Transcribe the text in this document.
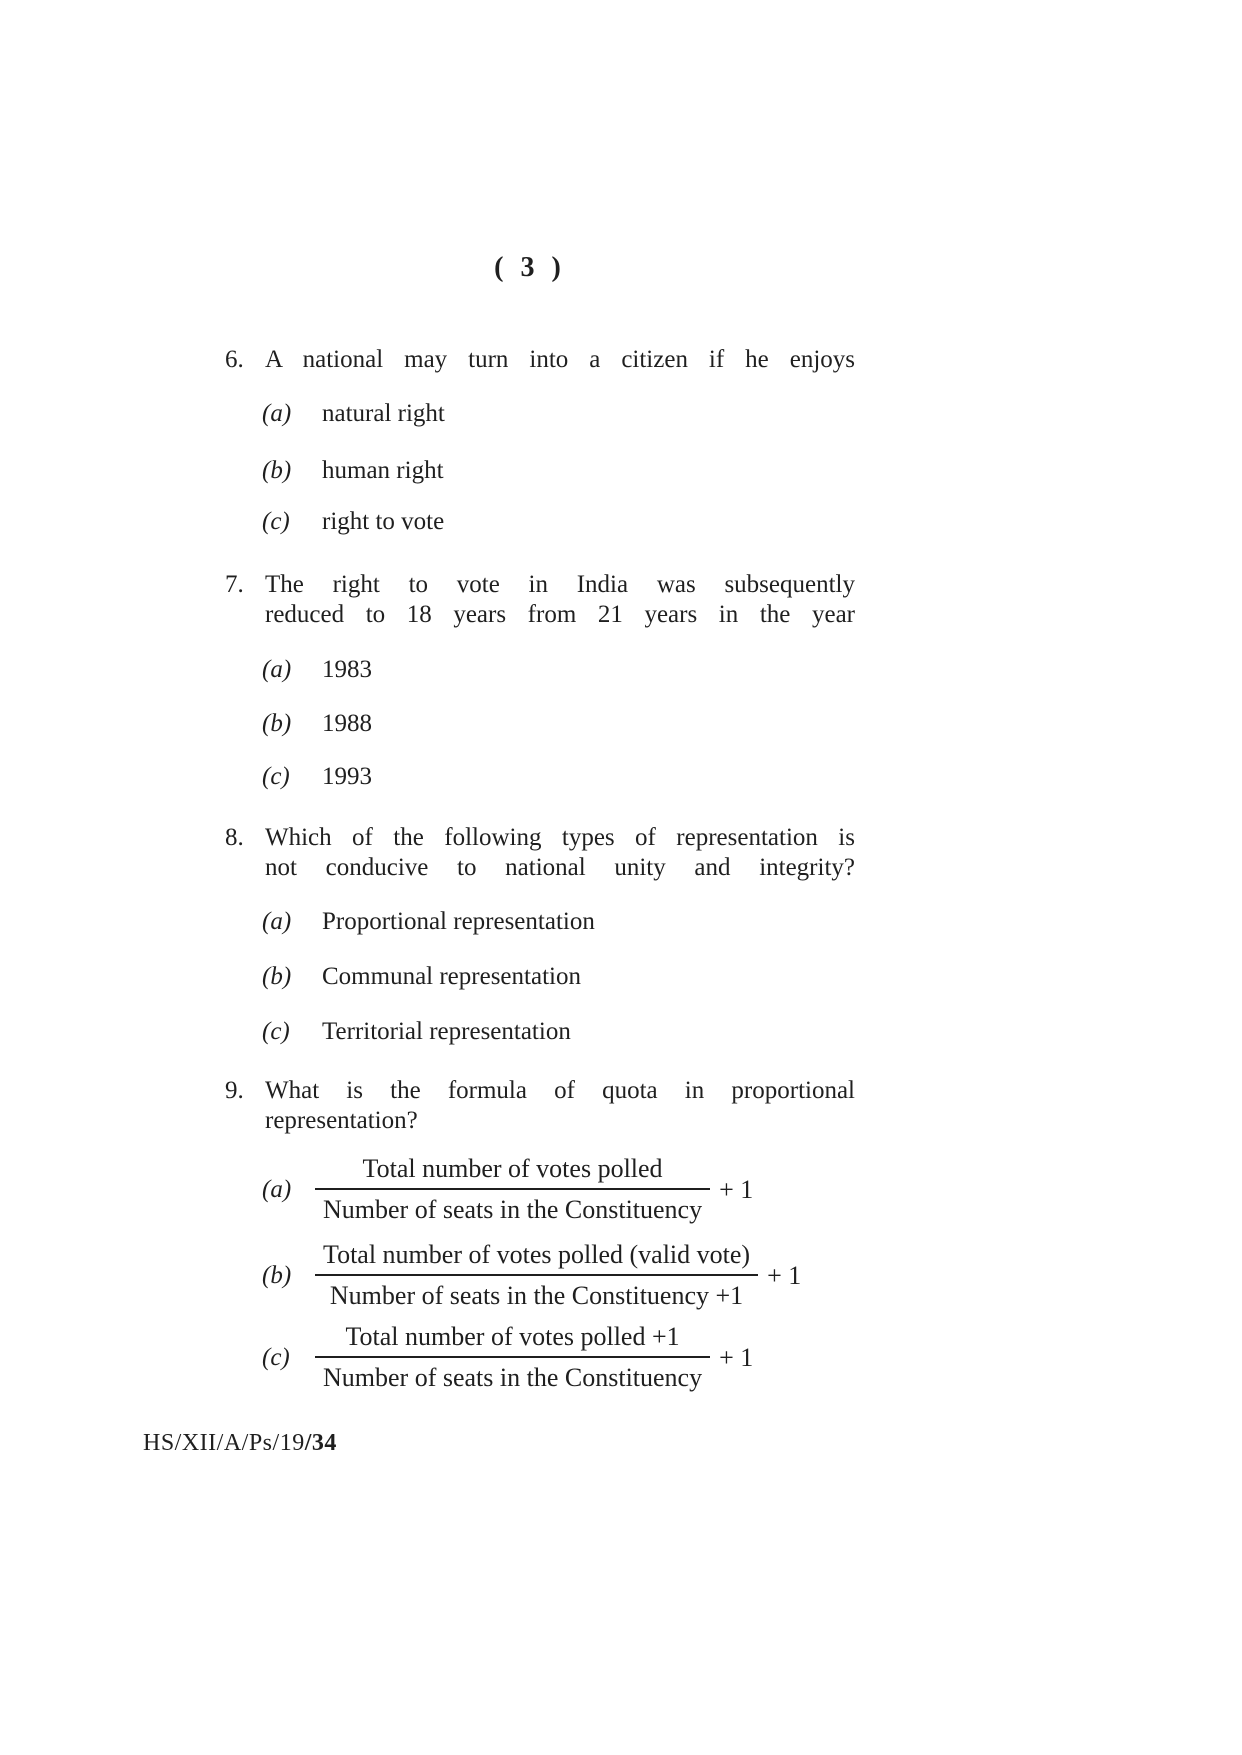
( 3 )
6. A national may turn into a citizen if he enjoys
(a) natural right
(b) human right
(c) right to vote
7. The right to vote in India was subsequently
reduced to 18 years from 21 years in the year
(a) 1983
(b) 1988
(c) 1993
8. Which of the following types of representation is
not conducive to national unity and integrity?
(a) Proportional representation
(b) Communal representation
(c) Territorial representation
9. What is the formula of quota in proportional
representation?
$(a) \frac{\text{Total number of votes polled}}{\text{Number of seats in the Constituency}} + 1$
$(b) \frac{\text{Total number of votes polled (valid vote)}}{\text{Number of seats in the Constituency +1}} + 1$
$(c) \frac{\text{Total number of votes polled +1}}{\text{Number of seats in the Constituency}} + 1$
HS/XII/A/Ps/19/34
